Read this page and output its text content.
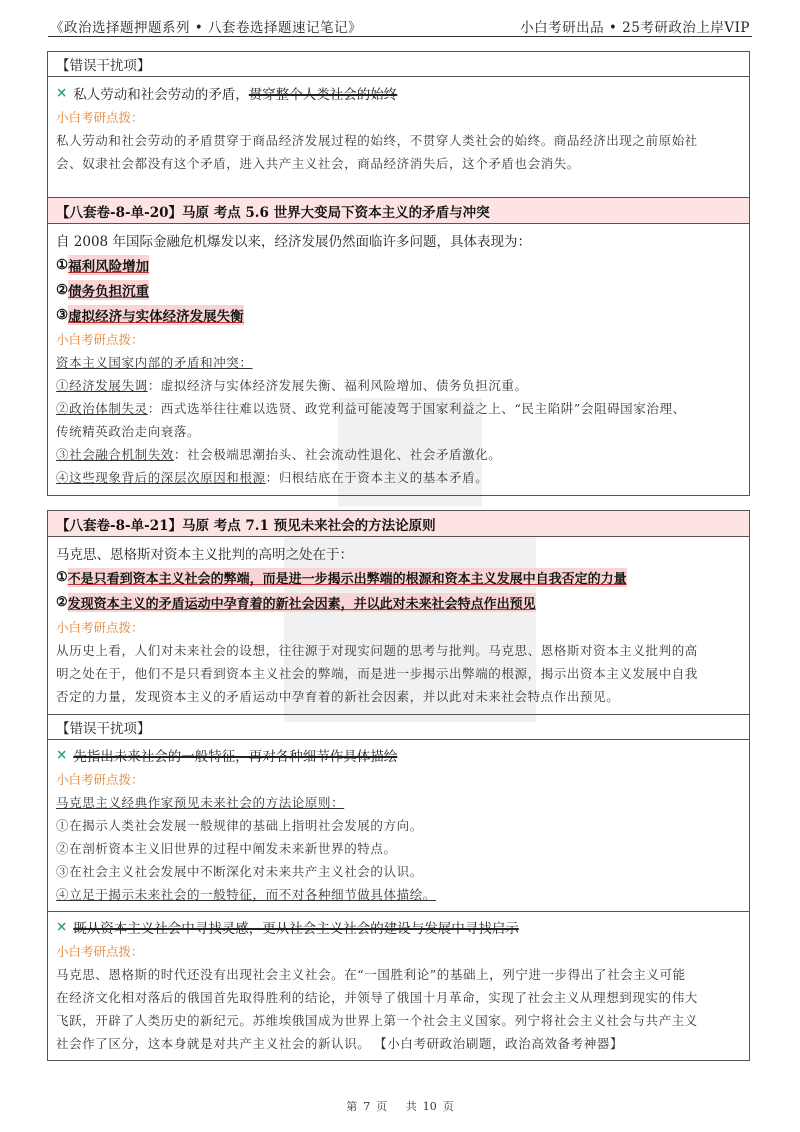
《政治选择题押题系列 • 八套卷选择题速记笔记》	小白考研出品 • 25考研政治上岸VIP
【错误干扰项】
× 私人劳动和社会劳动的矛盾， 贯穿整个人类社会的始终
小白考研点拨：
私人劳动和社会劳动的矛盾贯穿于商品经济发展过程的始终，不贯穿人类社会的始终。商品经济出现之前原始社
会、奴隶社会都没有这个矛盾，进入共产主义社会，商品经济消失后，这个矛盾也会消失。
【八套卷-8-单-20】马原 考点 5.6 世界大变局下资本主义的矛盾与冲突
自 2008 年国际金融危机爆发以来，经济发展仍然面临许多问题，具体表现为：
① 福利风险增加
② 债务负担沉重
③ 虚拟经济与实体经济发展失衡
小白考研点拨：
资本主义国家内部的矛盾和冲突：
①经济发展失调：虚拟经济与实体经济发展失衡、福利风险增加、债务负担沉重。
②政治体制失灵：西式选举往往难以选贤、政党利益可能凌驾于国家利益之上、“民主陷阱”会阻碍国家治理、
传统精英政治走向衰落。
③社会融合机制失效：社会极端思潮抬头、社会流动性退化、社会矛盾激化。
④这些现象背后的深层次原因和根源：归根结底在于资本主义的基本矛盾。
【八套卷-8-单-21】马原 考点 7.1 预见未来社会的方法论原则
马克思、恩格斯对资本主义批判的高明之处在于：
① 不是只看到资本主义社会的弊端，而是进一步揭示出弊端的根源和资本主义发展中自我否定的力量
② 发现资本主义的矛盾运动中孕育着的新社会因素，并以此对未来社会特点作出预见
小白考研点拨：
从历史上看，人们对未来社会的设想，往往源于对现实问题的思考与批判。马克思、恩格斯对资本主义批判的高
明之处在于，他们不是只看到资本主义社会的弊端，而是进一步揭示出弊端的根源，揭示出资本主义发展中自我
否定的力量，发现资本主义的矛盾运动中孕育着的新社会因素，并以此对未来社会特点作出预见。
【错误干扰项】
× 先指出未来社会的一般特征，再对各种细节作具体描绘
小白考研点拨：
马克思主义经典作家预见未来社会的方法论原则：
①在揭示人类社会发展一般规律的基础上指明社会发展的方向。
②在剖析资本主义旧世界的过程中阐发未来新世界的特点。
③在社会主义社会发展中不断深化对未来共产主义社会的认识。
④立足于揭示未来社会的一般特征，而不对各种细节做具体描绘。
× 既从资本主义社会中寻找灵感，更从社会主义社会的建设与发展中寻找启示
小白考研点拨：
马克思、恩格斯的时代还没有出现社会主义社会。在“一国胜利论”的基础上，列宁进一步得出了社会主义可能
在经济文化相对落后的俄国首先取得胜利的结论，并领导了俄国十月革命，实现了社会主义从理想到现实的伟大
飞跃，开辟了人类历史的新纪元。苏维埃俄国成为世界上第一个社会主义国家。列宁将社会主义社会与共产主义
社会作了区分，这本身就是对共产主义社会的新认识。 【小白考研政治刷题，政治高效备考神器】
第 7 页 共 10 页
